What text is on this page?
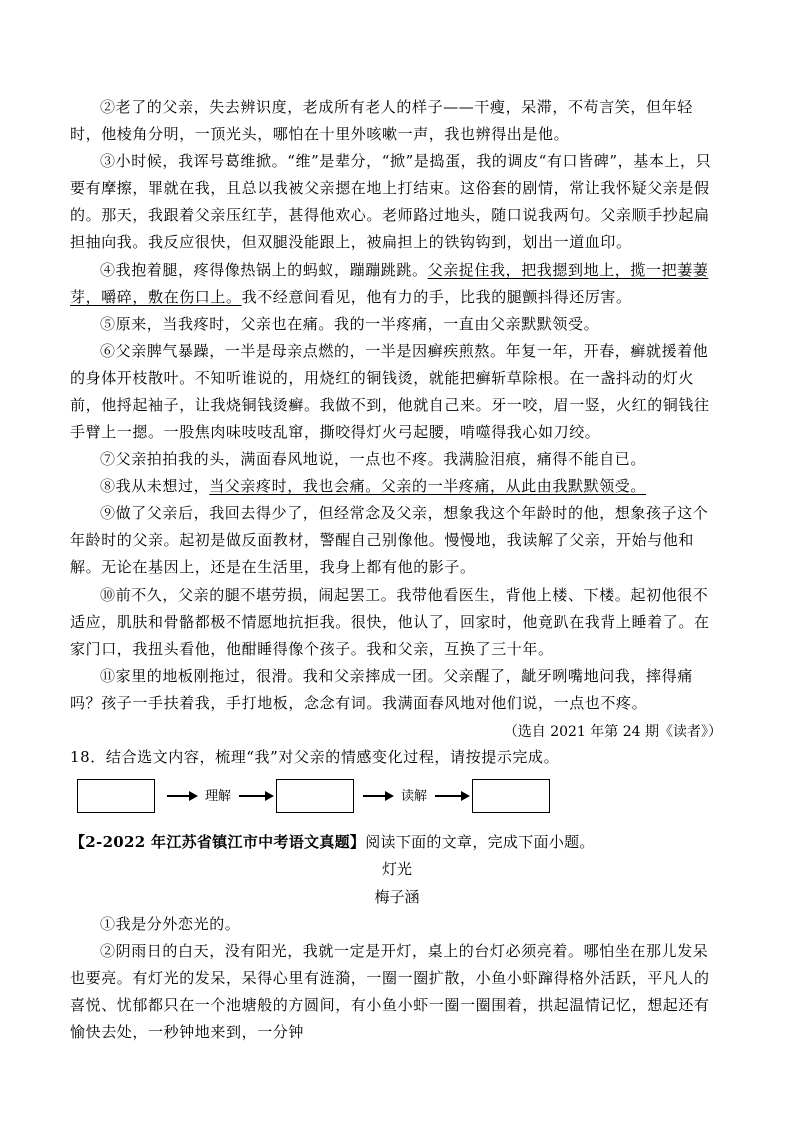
②老了的父亲，失去辨识度，老成所有老人的样子——干瘦，呆滞，不苟言笑，但年轻时，他棱角分明，一顶光头，哪怕在十里外咳嗽一声，我也辨得出是他。

③小时候，我诨号葛维掀。“维”是辈分，“掀”是捣蛋，我的调皮“有口皆碑”，基本上，只要有摩擦，罪就在我，且总以我被父亲摁在地上打结束。这俗套的剧情，常让我怀疑父亲是假的。那天，我跟着父亲压红芋，甚得他欢心。老师路过地头，随口说我两句。父亲顺手抄起扁担抽向我。我反应很快，但双腿没能跟上，被扁担上的铁钩钩到，划出一道血印。

④我抱着腿，疼得像热锅上的蚂蚁，蹦蹦跳跳。父亲捉住我，把我摁到地上，揽一把萋萋芽，嚼碎，敷在伤口上。我不经意间看见，他有力的手，比我的腿颤抖得还厉害。

⑤原来，当我疼时，父亲也在痛。我的一半疼痛，一直由父亲默默领受。

⑥父亲脾气暴躁，一半是母亲点燃的，一半是因癣疾煎熬。年复一年，开春，癣就援着他的身体开枝散叶。不知听谁说的，用烧红的铜钱烫，就能把癣斩草除根。在一盏抖动的灯火前，他捋起袖子，让我烧铜钱烫癣。我做不到，他就自己来。牙一咬，眉一竖，火红的铜钱往手臂上一摁。一股焦肉味吱吱乱窜，撕咬得灯火弓起腰，啃噬得我心如刀绞。

⑦父亲拍拍我的头，满面春风地说，一点也不疼。我满脸泪痕，痛得不能自已。

⑧我从未想过，当父亲疼时，我也会痛。父亲的一半疼痛，从此由我默默领受。

⑨做了父亲后，我回去得少了，但经常念及父亲，想象我这个年龄时的他，想象孩子这个年龄时的父亲。起初是做反面教材，警醒自己别像他。慢慢地，我读解了父亲，开始与他和解。无论在基因上，还是在生活里，我身上都有他的影子。

⑩前不久，父亲的腿不堪劳损，闹起罢工。我带他看医生，背他上楼、下楼。起初他很不适应，肌肤和骨骼都极不情愿地抗拒我。很快，他认了，回家时，他竟趴在我背上睡着了。在家门口，我扭头看他，他酣睡得像个孩子。我和父亲，互换了三十年。

⑪家里的地板刚拖过，很滑。我和父亲摔成一团。父亲醒了，龇牙咧嘴地问我，摔得痛吗？孩子一手扶着我，手打地板，念念有词。我满面春风地对他们说，一点也不疼。

（选自 2021 年第 24 期《读者》）

18．结合选文内容，梳理“我”对父亲的情感变化过程，请按提示完成。

理解	读解

【2-2022 年江苏省镇江市中考语文真题】阅读下面的文章，完成下面小题。

灯光

梅子涵

①我是分外恋光的。

②阴雨日的白天，没有阳光，我就一定是开灯，桌上的台灯必须亮着。哪怕坐在那儿发呆也要亮。有灯光的发呆，呆得心里有涟漪，一圈一圈扩散，小鱼小虾蹿得格外活跃，平凡人的喜悦、忧郁都只在一个池塘般的方圆间，有小鱼小虾一圈一圈围着，拱起温情记忆，想起还有愉快去处，一秒钟地来到，一分钟
